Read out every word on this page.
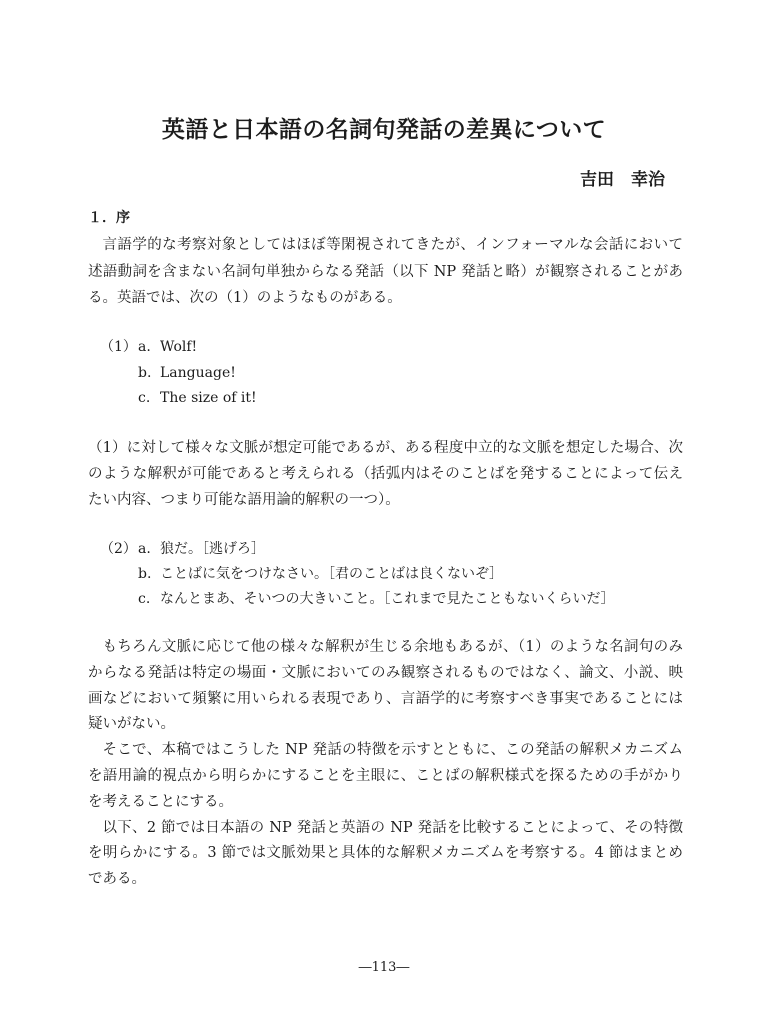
英語と日本語の名詞句発話の差異について
吉田　幸治
１．序
言語学的な考察対象としてはほぼ等閑視されてきたが、インフォーマルな会話において
述語動詞を含まない名詞句単独からなる発話（以下 NP 発話と略）が観察されることがあ
る。英語では、次の（1）のようなものがある。
（1） a. Wolf!
b. Language!
c. The size of it!
（1）に対して様々な文脈が想定可能であるが、ある程度中立的な文脈を想定した場合、次
のような解釈が可能であると考えられる（括弧内はそのことばを発することによって伝え
たい内容、つまり可能な語用論的解釈の一つ）。
（2） a. 狼だ。［逃げろ］
b. ことばに気をつけなさい。［君のことばは良くないぞ］
c. なんとまあ、そいつの大きいこと。［これまで見たこともないくらいだ］
もちろん文脈に応じて他の様々な解釈が生じる余地もあるが、（1）のような名詞句のみ
からなる発話は特定の場面・文脈においてのみ観察されるものではなく、論文、小説、映
画などにおいて頻繁に用いられる表現であり、言語学的に考察すべき事実であることには
疑いがない。
そこで、本稿ではこうした NP 発話の特徴を示すとともに、この発話の解釈メカニズム
を語用論的視点から明らかにすることを主眼に、ことばの解釈様式を探るための手がかり
を考えることにする。
以下、2 節では日本語の NP 発話と英語の NP 発話を比較することによって、その特徴
を明らかにする。3 節では文脈効果と具体的な解釈メカニズムを考察する。4 節はまとめ
である。
―113―
